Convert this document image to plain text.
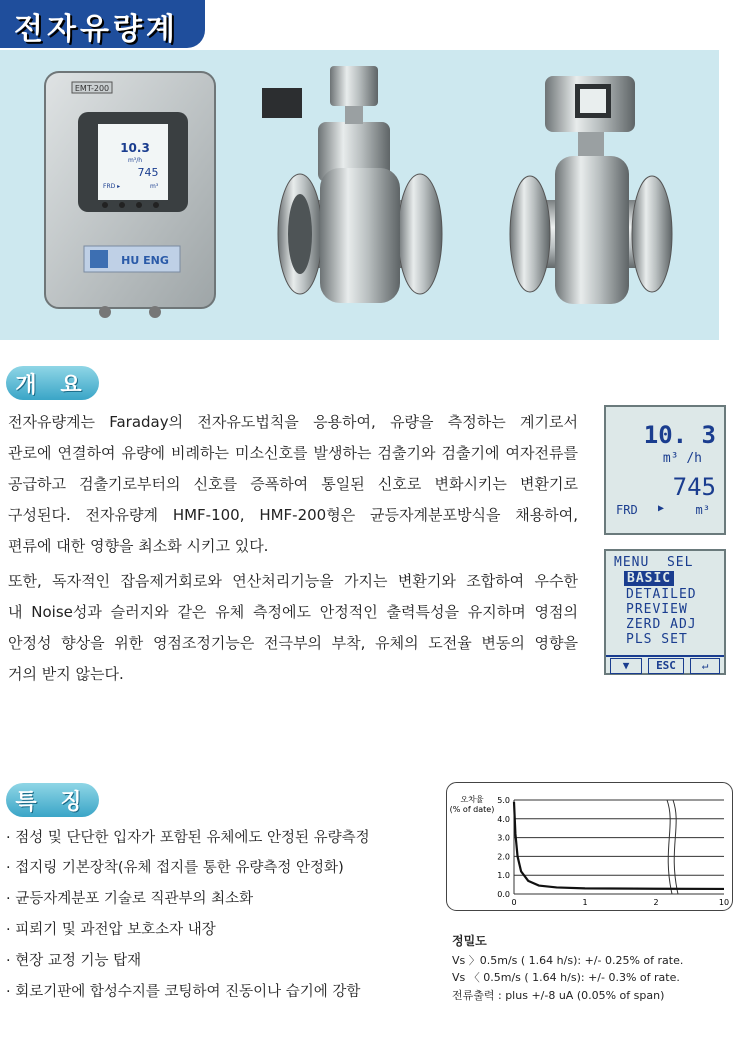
전자유량계
EMT-200
10.3
m³/h
745
FRD ▸	m³
HU ENG
개 요
전자유량계는 Faraday의 전자유도법칙을 응용하여, 유량을 측정하는 계기로서
관로에 연결하여 유량에 비례하는 미소신호를 발생하는 검출기와 검출기에 여자전류를
공급하고 검출기로부터의 신호를 증폭하여 통일된 신호로 변화시키는 변환기로
구성된다. 전자유량계 HMF-100, HMF-200형은 균등자계분포방식을 채용하여,
편류에 대한 영향을 최소화 시키고 있다.
또한, 독자적인 잡음제거회로와 연산처리기능을 가지는 변환기와 조합하여 우수한
내 Noise성과 슬러지와 같은 유체 측정에도 안정적인 출력특성을 유지하며 영점의
안정성 향상을 위한 영점조정기능은 전극부의 부착, 유체의 도전율 변동의 영향을
거의 받지 않는다.
10. 3
m³ /h
745
FRD ▶	m³
MENU  SEL
BASIC
DETAILED
PREVIEW
ZERD ADJ
PLS SET
▼	ESC	↵
특 징
· 점성 및 단단한 입자가 포함된 유체에도 안정된 유량측정
· 접지링 기본장착(유체 접지를 통한 유량측정 안정화)
· 균등자계분포 기술로 직관부의 최소화
· 피뢰기 및 과전압 보호소자 내장
· 현장 교정 기능 탑재
· 회로기판에 합성수지를 코팅하여 진동이나 습기에 강함
오차율
(% of date)
5.0
4.0
3.0
2.0
1.0
0.0
0	1	2	10
정밀도
Vs 〉0.5m/s ( 1.64 h/s): +/- 0.25% of rate.
Vs 〈 0.5m/s ( 1.64 h/s): +/- 0.3% of rate.
전류출력 : plus +/-8 uA (0.05% of span)
